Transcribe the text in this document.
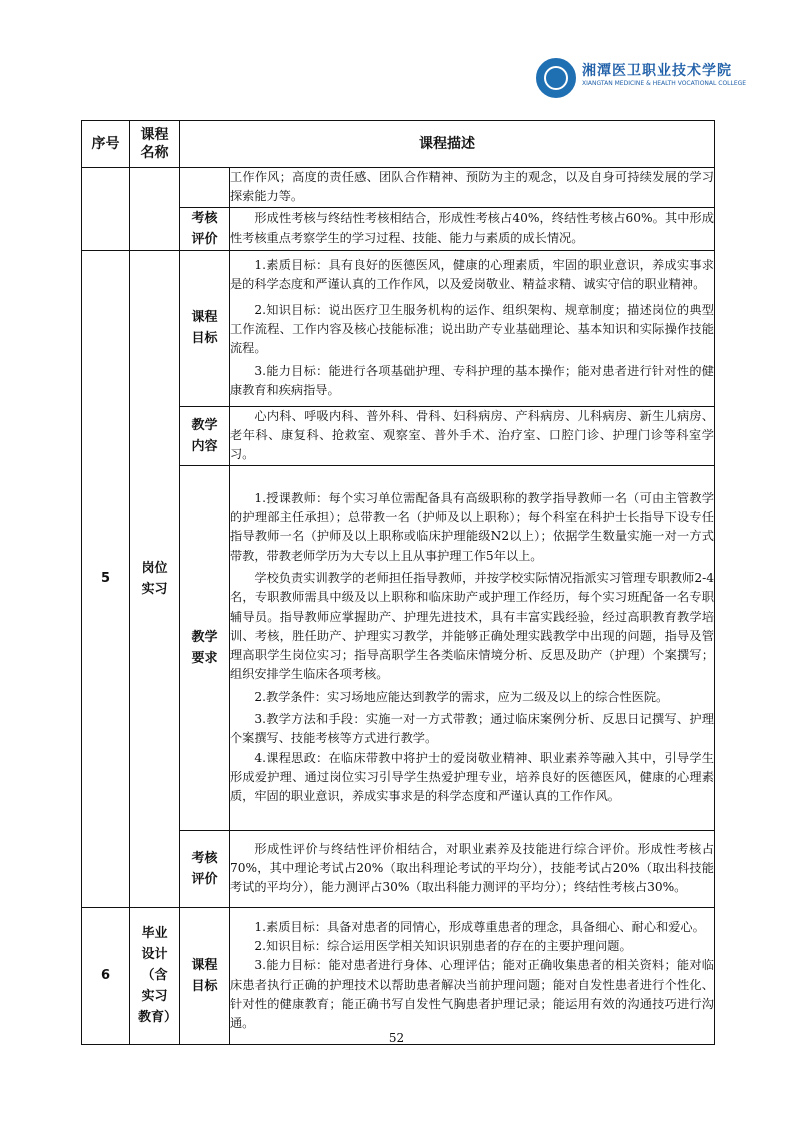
湘潭医卫职业技术学院
XIANGTAN MEDICINE & HEALTH VOCATIONAL COLLEGE
序号	课程名称	课程描述	

			工作作风；高度的责任感、团队合作精神、预防为主的观念，以及自身可持续发展的学习探索能力等。

		考核评价	形成性考核与终结性考核相结合，形成性考核占40%，终结性考核占60%。其中形成性考核重点考察学生的学习过程、技能、能力与素质的成长情况。

5	岗位实习	课程目标	1.素质目标：具有良好的医德医风，健康的心理素质，牢固的职业意识，养成实事求是的科学态度和严谨认真的工作作风，以及爱岗敬业、精益求精、诚实守信的职业精神。

2.知识目标：说出医疗卫生服务机构的运作、组织架构、规章制度；描述岗位的典型工作流程、工作内容及核心技能标准；说出助产专业基础理论、基本知识和实际操作技能流程。

3.能力目标：能进行各项基础护理、专科护理的基本操作；能对患者进行针对性的健康教育和疾病指导。

		教学内容	心内科、呼吸内科、普外科、骨科、妇科病房、产科病房、儿科病房、新生儿病房、老年科、康复科、抢救室、观察室、普外手术、治疗室、口腔门诊、护理门诊等科室学习。

		教学要求	1.授课教师：每个实习单位需配备具有高级职称的教学指导教师一名（可由主管教学的护理部主任承担）；总带教一名（护师及以上职称）；每个科室在科护士长指导下设专任指导教师一名（护师及以上职称或临床护理能级N2以上）；依据学生数量实施一对一方式带教，带教老师学历为大专以上且从事护理工作5年以上。

学校负责实训教学的老师担任指导教师，并按学校实际情况指派实习管理专职教师2-4名，专职教师需具中级及以上职称和临床助产或护理工作经历，每个实习班配备一名专职辅导员。指导教师应掌握助产、护理先进技术，具有丰富实践经验，经过高职教育教学培训、考核，胜任助产、护理实习教学，并能够正确处理实践教学中出现的问题，指导及管理高职学生岗位实习；指导高职学生各类临床情境分析、反思及助产（护理）个案撰写；组织安排学生临床各项考核。

2.教学条件：实习场地应能达到教学的需求，应为二级及以上的综合性医院。

3.教学方法和手段：实施一对一方式带教；通过临床案例分析、反思日记撰写、护理个案撰写、技能考核等方式进行教学。

4.课程思政：在临床带教中将护士的爱岗敬业精神、职业素养等融入其中，引导学生形成爱护理、通过岗位实习引导学生热爱护理专业，培养良好的医德医风，健康的心理素质，牢固的职业意识，养成实事求是的科学态度和严谨认真的工作作风。

		考核评价	形成性评价与终结性评价相结合，对职业素养及技能进行综合评价。形成性考核占70%，其中理论考试占20%（取出科理论考试的平均分），技能考试占20%（取出科技能考试的平均分），能力测评占30%（取出科能力测评的平均分）；终结性考核占30%。

6	毕业设计（含实习教育）	课程目标	1.素质目标：具备对患者的同情心，形成尊重患者的理念，具备细心、耐心和爱心。

2.知识目标：综合运用医学相关知识识别患者的存在的主要护理问题。

3.能力目标：能对患者进行身体、心理评估；能对正确收集患者的相关资料；能对临床患者执行正确的护理技术以帮助患者解决当前护理问题；能对自发性患者进行个性化、针对性的健康教育；能正确书写自发性气胸患者护理记录；能运用有效的沟通技巧进行沟通。

52
